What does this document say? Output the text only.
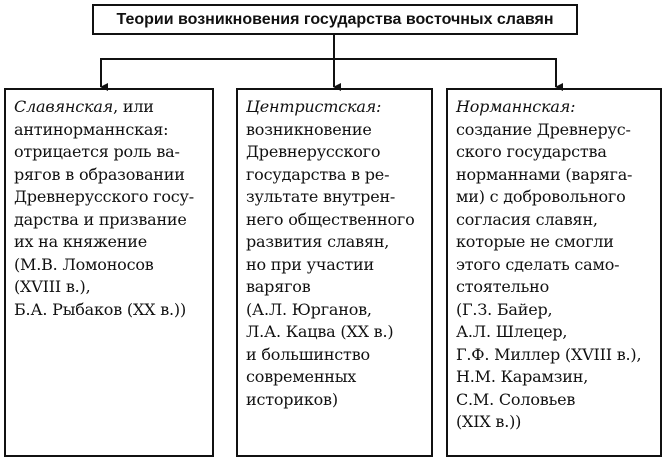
Теории возникновения государства восточных славян
Славянская, или
антинорманнская:
отрицается роль ва-
рягов в образовании
Древнерусского госу-
дарства и призвание
их на княжение
(М.В. Ломоносов
(XVIII в.),
Б.А. Рыбаков (XX в.))
Центристская:
возникновение
Древнерусского
государства в ре-
зультате внутрен-
него общественного
развития славян,
но при участии
варягов
(А.Л. Юрганов,
Л.А. Кацва (XX в.)
и большинство
современных
историков)
Норманнская:
создание Древнерус-
ского государства
норманнами (варяга-
ми) с добровольного
согласия славян,
которые не смогли
этого сделать само-
стоятельно
(Г.З. Байер,
А.Л. Шлецер,
Г.Ф. Миллер (XVIII в.),
Н.М. Карамзин,
С.М. Соловьев
(XIX в.))
